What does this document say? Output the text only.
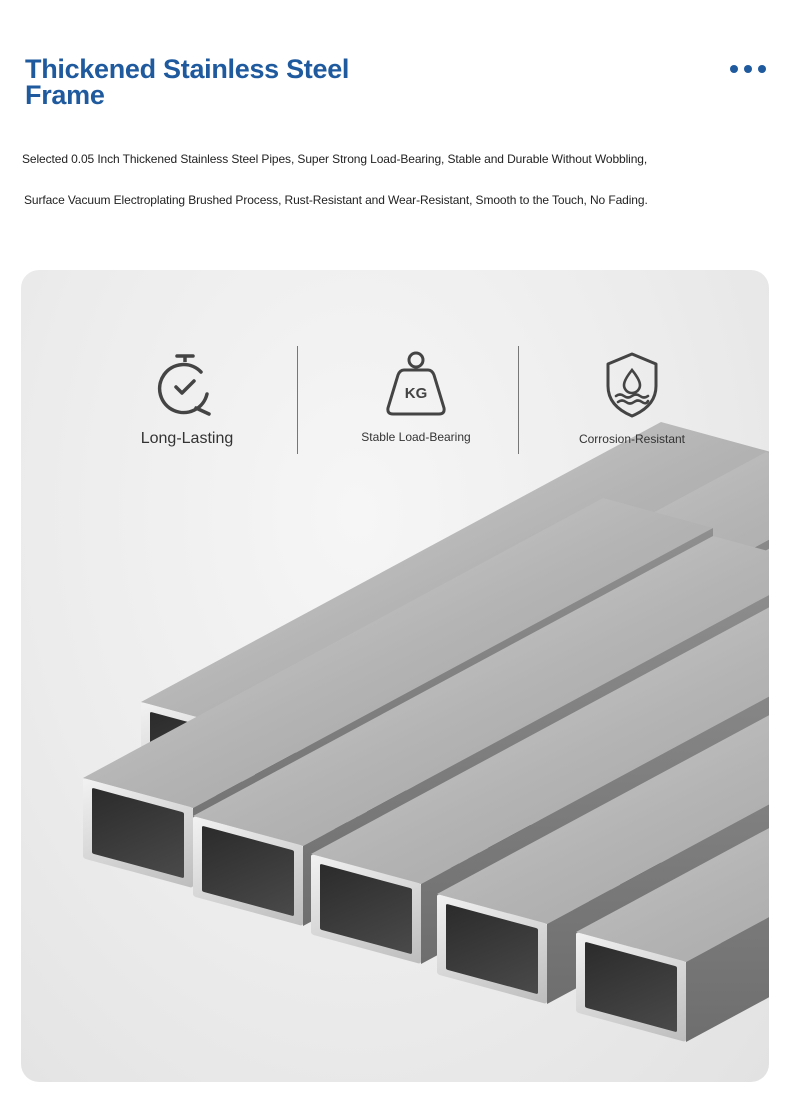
Thickened Stainless Steel Frame

Selected 0.05 Inch Thickened Stainless Steel Pipes, Super Strong Load-Bearing, Stable and Durable Without Wobbling,

Surface Vacuum Electroplating Brushed Process, Rust-Resistant and Wear-Resistant, Smooth to the Touch, No Fading.

Long-Lasting
KG
Stable Load-Bearing	Corrosion-Resistant
